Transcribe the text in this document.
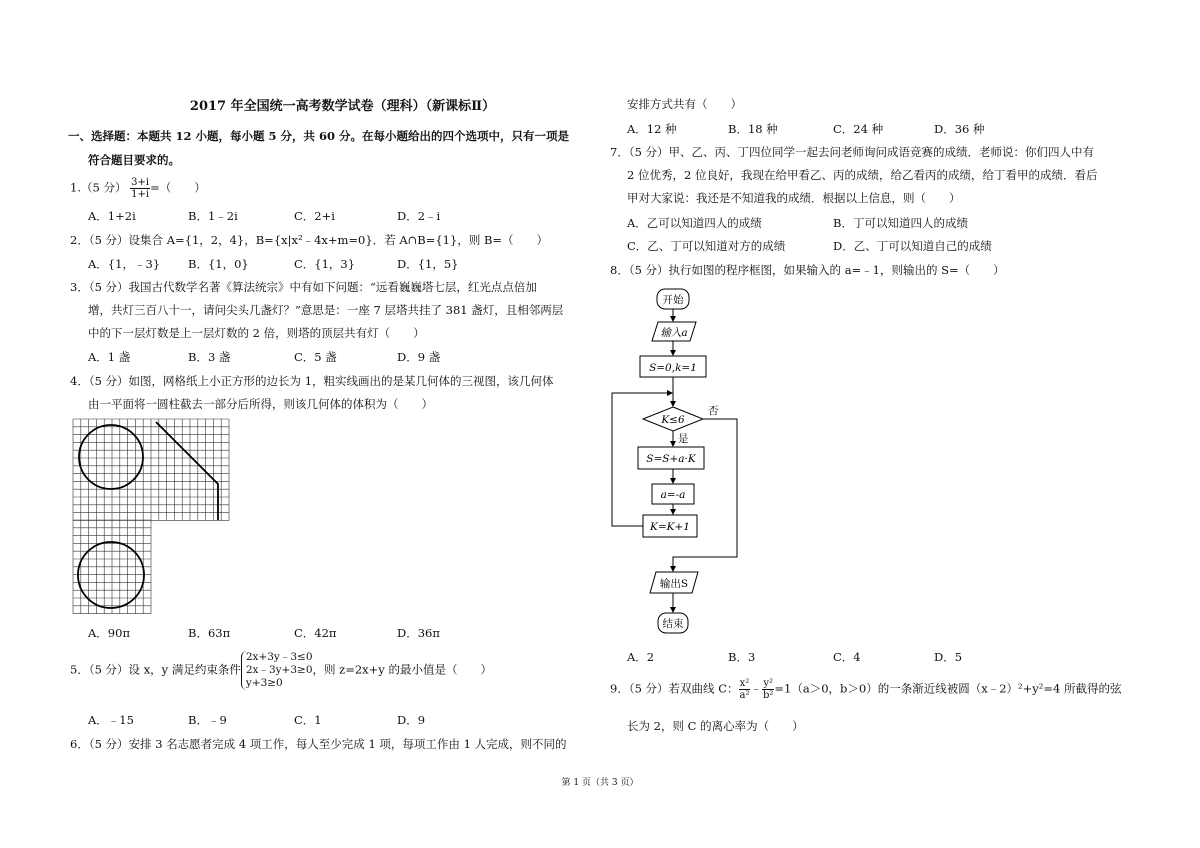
2017 年全国统一高考数学试卷（理科）（新课标Ⅱ）
一、选择题：本题共 12 小题，每小题 5 分，共 60 分。在每小题给出的四个选项中，只有一项是
符合题目要求的。
1.（5 分） $\frac{3+i}{1+i}$ =（　　）
A．1+2i	B．1﹣2i	C．2+i	D．2﹣i
2．（5 分）设集合 A={1，2，4}，B={x|x²﹣4x+m=0}．若 A∩B={1}，则 B=（　　）
A．{1，﹣3} B．{1，0}	C．{1，3}	D．{1，5}
3．（5 分）我国古代数学名著《算法统宗》中有如下问题：“远看巍巍塔七层，红光点点倍加
增，共灯三百八十一，请问尖头几盏灯？”意思是：一座 7 层塔共挂了 381 盏灯，且相邻两层
中的下一层灯数是上一层灯数的 2 倍，则塔的顶层共有灯（　　）
A．1 盏	B．3 盏	C．5 盏	D．9 盏
4．（5 分）如图，网格纸上小正方形的边长为 1，粗实线画出的是某几何体的三视图，该几何体
由一平面将一圆柱截去一部分后所得，则该几何体的体积为（　　）
A．90π	B．63π	C．42π	D．36π
5．（5 分）设 x，y 满足约束条件
2x+3y﹣3≤0
2x﹣3y+3≥0
y+3≥0
，则 z=2x+y 的最小值是（　　）
A．﹣15	B．﹣9	C．1	D．9
6．（5 分）安排 3 名志愿者完成 4 项工作，每人至少完成 1 项，每项工作由 1 人完成，则不同的
安排方式共有（　　）
A．12 种	B．18 种	C．24 种	D．36 种
7．（5 分）甲、乙、丙、丁四位同学一起去问老师询问成语竞赛的成绩．老师说：你们四人中有
2 位优秀，2 位良好，我现在给甲看乙、丙的成绩，给乙看丙的成绩，给丁看甲的成绩．看后
甲对大家说：我还是不知道我的成绩．根据以上信息，则（　　）
A．乙可以知道四人的成绩	B．丁可以知道四人的成绩
C．乙、丁可以知道对方的成绩	D．乙、丁可以知道自己的成绩
8．（5 分）执行如图的程序框图，如果输入的 a=﹣1，则输出的 S=（　　）
开始
输入a
S=0,k=1
K≤6
是
否
S=S+a·K
a=-a
K=K+1
输出S
结束
A．2	B．3	C．4	D．5
9．（5 分）若双曲线 C： $\frac{\text{x²}}{\text{a²}}$ ﹣ $\frac{\text{y²}}{\text{b²}} =1(a>0$，b＞0）的一条渐近线被圆（x﹣2）²+y²=4 所截得的弦
长为 2，则 C 的离心率为（　　）
第 1 页（共 3 页）
